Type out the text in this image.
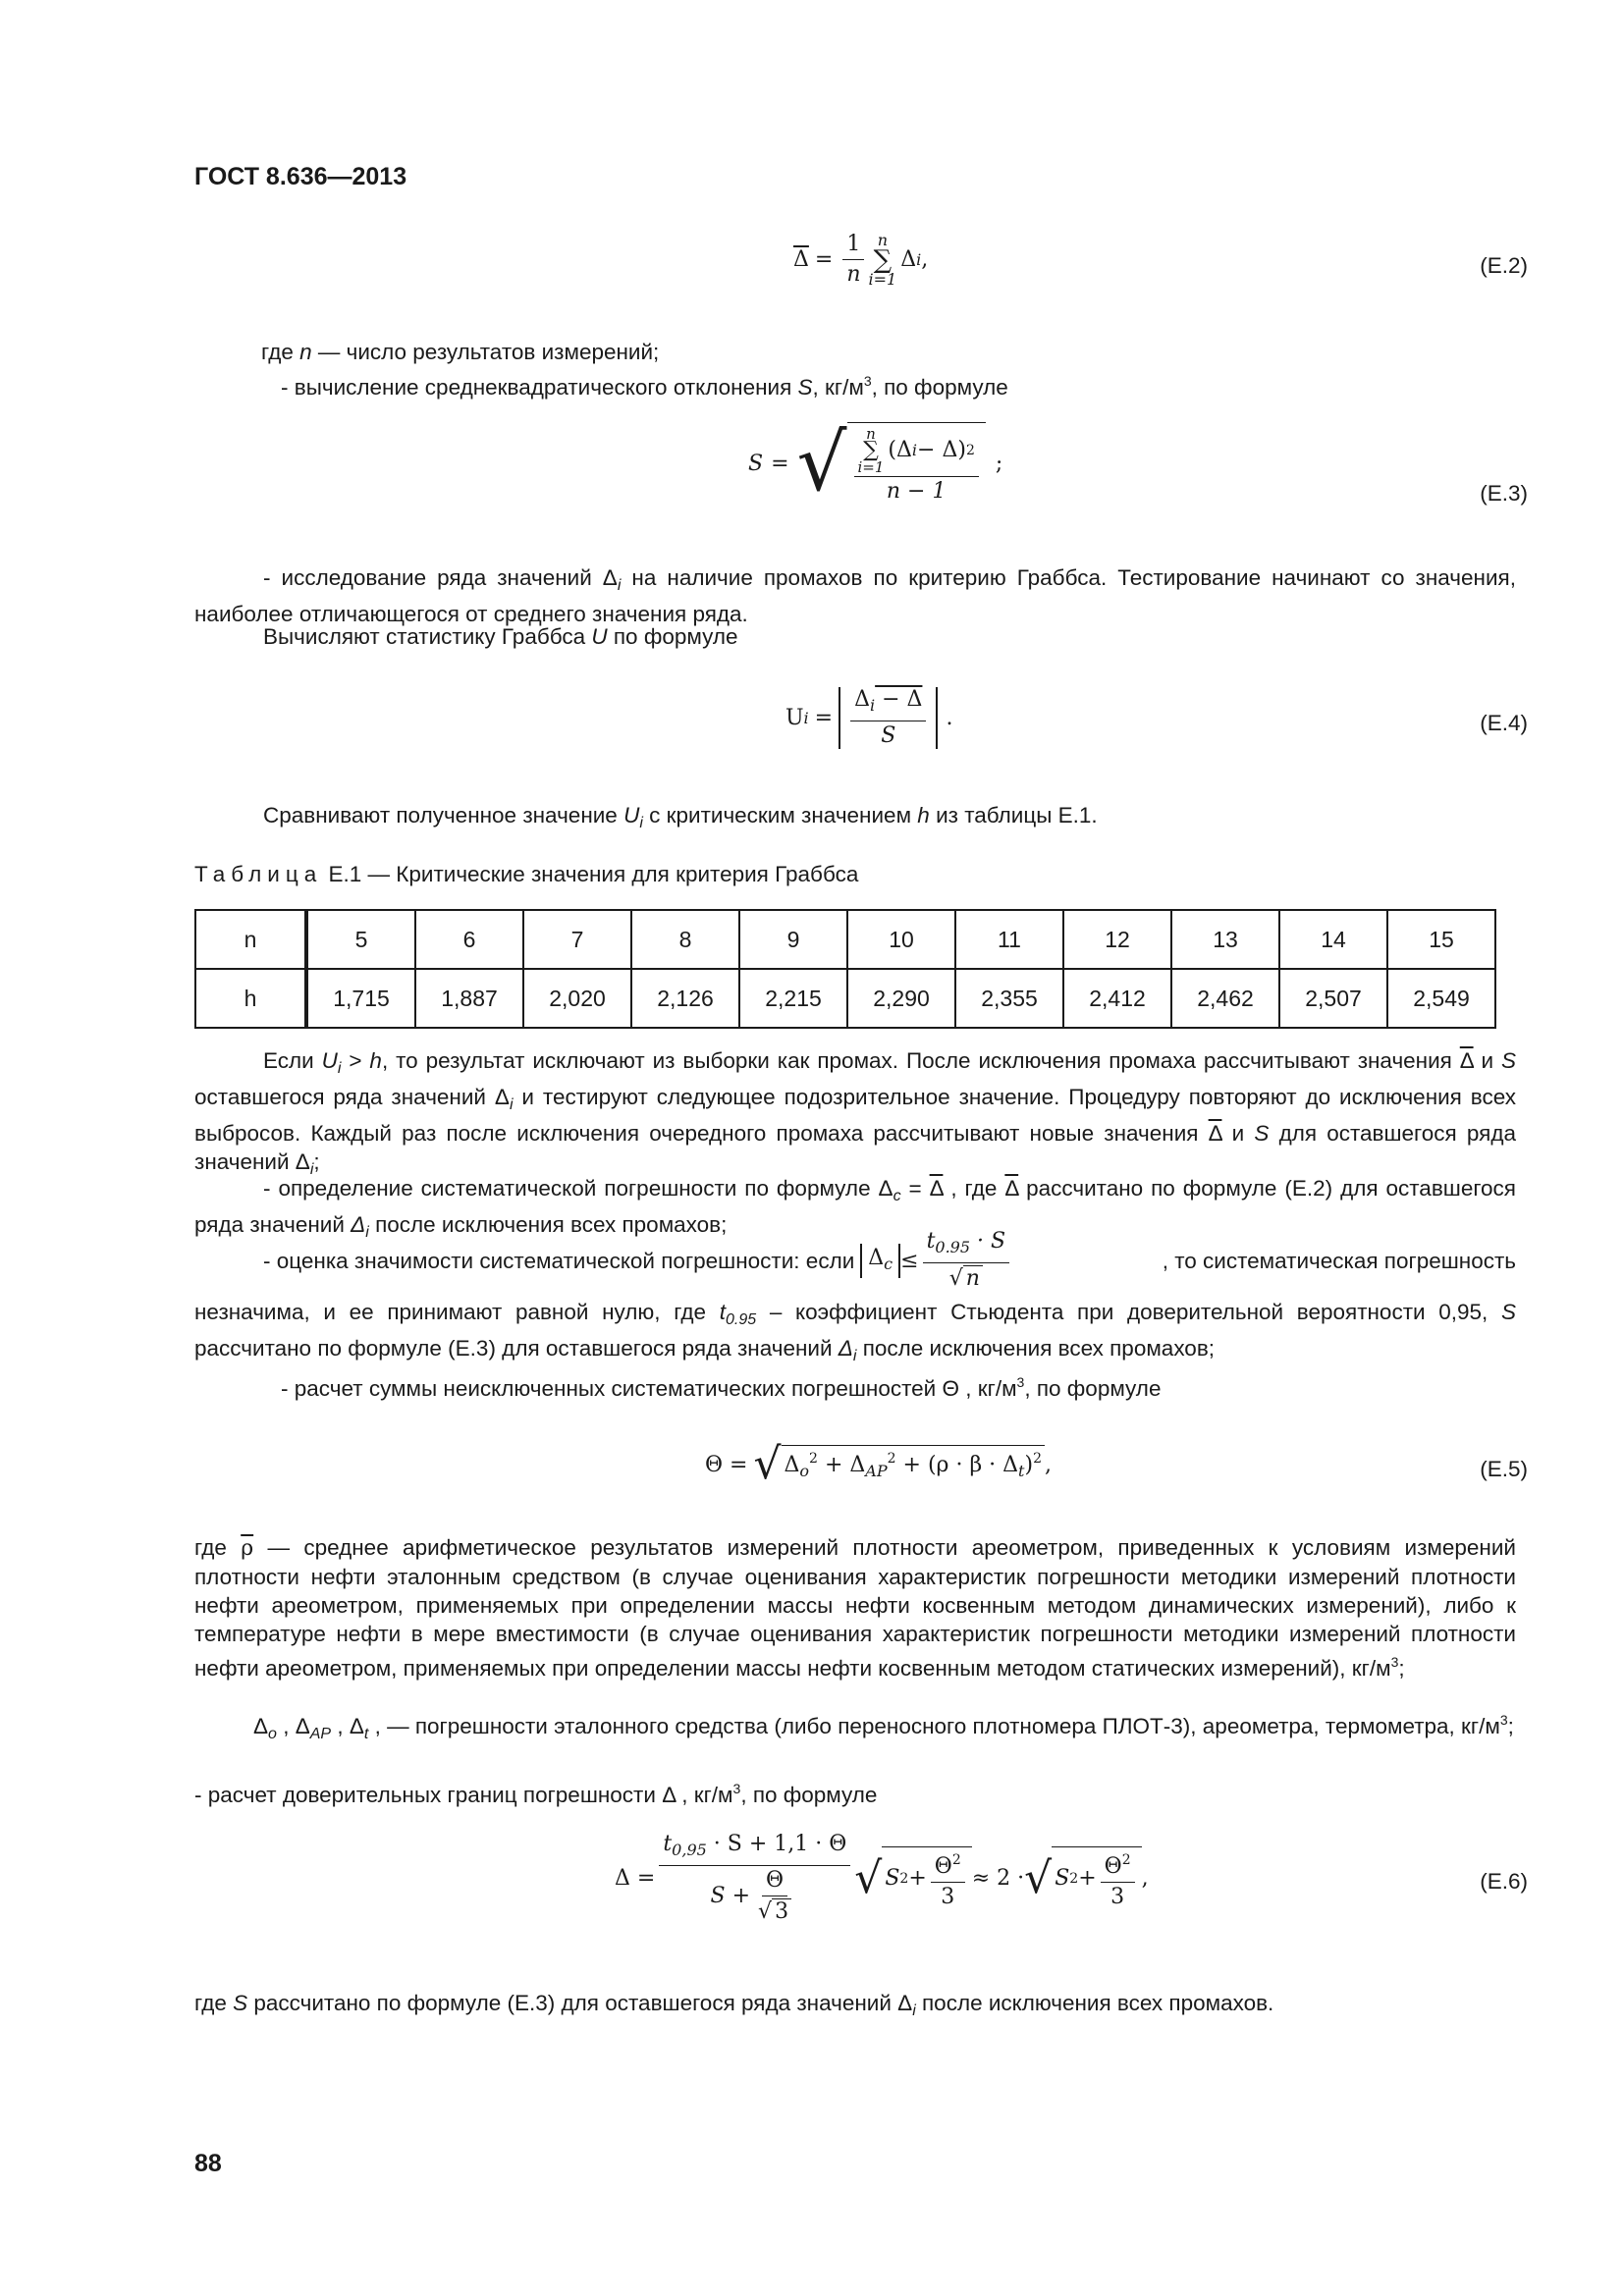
ГОСТ 8.636—2013
$\overline{\Delta} = \frac{1}{n}$ n
∑
i=1
Δ i ,	(Е.2)
где n — число результатов измерений;
- вычисление среднеквадратического отклонения S, $кг/м^3$, по формуле
S = √ n
∑
i=1
(Δ i − Δ) 2
n − 1 ;
(Е.3)
- исследование ряда значений $\Delta_i$ на наличие промахов по критерию Граббса. Тестирование начинают со значения, наиболее отличающегося от среднего значения ряда.
Вычисляют статистику Граббса U по формуле
U $i = \frac{\Delta_i - \Delta}{S}$ .	(Е.4)
Сравнивают полученное значение $U_i$ с критическим значением h из таблицы Е.1.
Таблица Е.1 — Критические значения для критерия Граббса
n	5	6	7	8	9	10	11	12	13	14	15
h	1,715	1,887	2,020	2,126	2,215	2,290	2,355	2,412	2,462	2,507	2,549
Если $U_i > h$, то результат исключают из выборки как промах. После исключения промаха рассчитывают значения $\overline{\Delta}$ и S оставшегося ряда значений $\Delta_i$ и тестируют следующее подозрительное значение. Процедуру повторяют до исключения всех выбросов. Каждый раз после исключения очередного промаха рассчитывают новые значения $\overline{\Delta}$ и S для оставшегося ряда значений $\Delta_i$;
- определение систематической погрешности по формуле $\Delta_c = \overline{\Delta}$ , где $\overline{\Delta}$ рассчитано по формуле (Е.2) для оставшегося ряда значений $\Delta_i$ после исключения всех промахов;
- оценка значимости систематической погрешности: если $\Delta_c \le \frac{t_{0.95} \cdot S}{√ n}$	, то систематическая погрешность
незначима, и ее принимают равной нулю, где $t_{0.95}$ – коэффициент Стьюдента при доверительной вероятности 0,95, S рассчитано по формуле (Е.3) для оставшегося ряда значений $\Delta_i$ после исключения всех промахов;
- расчет суммы неисключенных систематических погрешностей Θ , $кг/м^3$, по формуле
Θ = √ $\Delta_o^2 + \Delta_{AP}^2 + (\rho \cdot \beta \cdot \Delta_t)^2$ ,	(Е.5)
где $\overline{\rho}$ — среднее арифметическое результатов измерений плотности ареометром, приведенных к условиям измерений плотности нефти эталонным средством (в случае оценивания характеристик погрешности методики измерений плотности нефти ареометром, применяемых при определении массы нефти косвенным методом динамических измерений), либо к температуре нефти в мере вместимости (в случае оценивания характеристик погрешности методики измерений плотности нефти ареометром, применяемых при определении массы нефти косвенным методом статических измерений), $кг/м^3$;
$\Delta_o$ , $\Delta_{AP}$ , $\Delta_t$ , — погрешности эталонного средства (либо переносного плотномера ПЛОТ-3), ареометра, термометра, $кг/м^3$;
- расчет доверительных границ погрешности Δ , $кг/м^3$, по формуле
$\Delta = \frac{t_{0,95} \cdot S + 1,1 \cdot \Theta}{S + \frac{\Theta}{√ 3}}$ √ S $2 + \frac{\Theta^2}{3} \approx 2$ · √ S $2 + \frac{\Theta^2}{3}$ ,	(Е.6)
где S рассчитано по формуле (Е.3) для оставшегося ряда значений $\Delta_i$ после исключения всех промахов.
88
